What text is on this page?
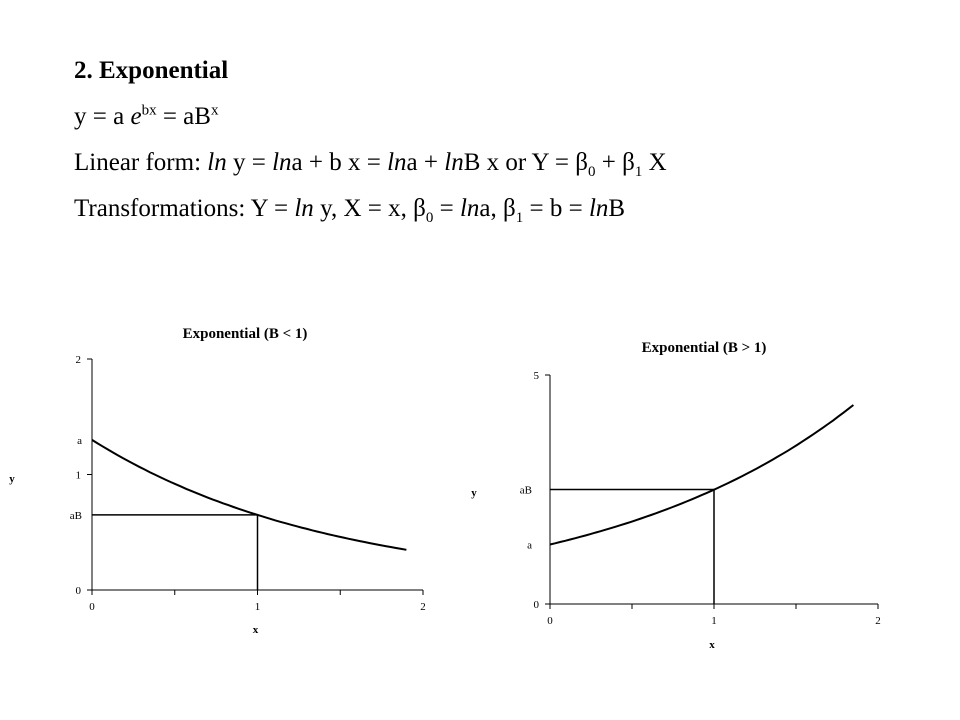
2. Exponential
y = a $e^{bx} = aB^x$
Linear form: ln y = lna + b x = lna + lnB x or $Y = \beta_0 + \beta_1$ X
Transformations: Y = ln y, X = x, $\beta_0 = \ln a$, $\beta_1 = b = \ln B$
Exponential (B < 1)
0	1	2
0
1
2
a
aB
y
x
Exponential (B > 1)
0	1	2
0
5
a
aB
y
x
